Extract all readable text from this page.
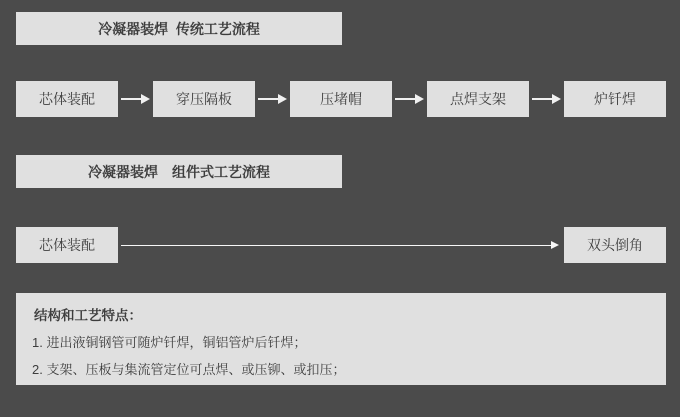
冷凝器装焊  传统工艺流程
芯体装配	穿压隔板	压堵帽	点焊支架	炉钎焊
冷凝器装焊　组件式工艺流程
芯体装配	双头倒角
结构和工艺特点：
1. 进出液铜钢管可随炉钎焊，铜铝管炉后钎焊；
2. 支架、压板与集流管定位可点焊、或压铆、或扣压；
